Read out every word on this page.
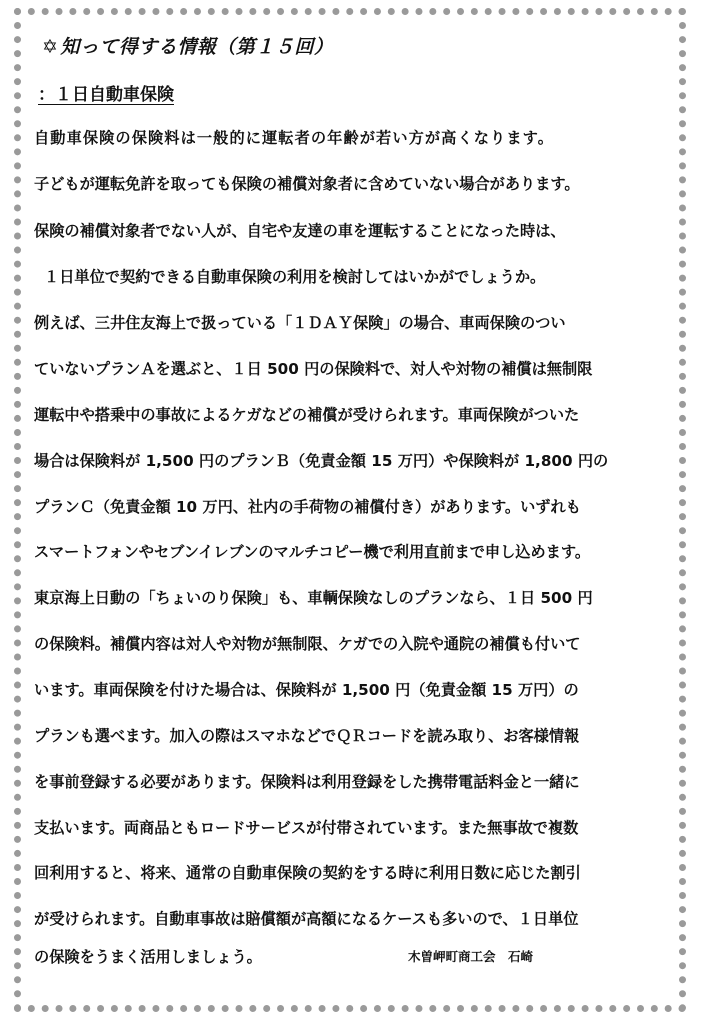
✡ 知って得する情報（第１５回）
：１日自動車保険
自動車保険の保険料は一般的に運転者の年齢が若い方が高くなります。
子どもが運転免許を取っても保険の補償対象者に含めていない場合があります。
保険の補償対象者でない人が、自宅や友達の車を運転することになった時は、
１日単位で契約できる自動車保険の利用を検討してはいかがでしょうか。
例えば、三井住友海上で扱っている「１ＤＡＹ保険」の場合、車両保険のつい
ていないプランＡを選ぶと、１日 500 円の保険料で、対人や対物の補償は無制限
運転中や搭乗中の事故によるケガなどの補償が受けられます。車両保険がついた
場合は保険料が 1,500 円のプランＢ（免責金額 15 万円）や保険料が 1,800 円の
プランＣ（免責金額 10 万円、社内の手荷物の補償付き）があります。いずれも
スマートフォンやセブンイレブンのマルチコピー機で利用直前まで申し込めます。
東京海上日動の「ちょいのり保険」も、車輌保険なしのプランなら、１日 500 円
の保険料。補償内容は対人や対物が無制限、ケガでの入院や通院の補償も付いて
います。車両保険を付けた場合は、保険料が 1,500 円（免責金額 15 万円）の
プランも選べます。加入の際はスマホなどでＱＲコードを読み取り、お客様情報
を事前登録する必要があります。保険料は利用登録をした携帯電話料金と一緒に
支払います。両商品ともロードサービスが付帯されています。また無事故で複数
回利用すると、将来、通常の自動車保険の契約をする時に利用日数に応じた割引
が受けられます。自動車事故は賠償額が高額になるケースも多いので、１日単位
の保険をうまく活用しましょう。	木曽岬町商工会　石崎
